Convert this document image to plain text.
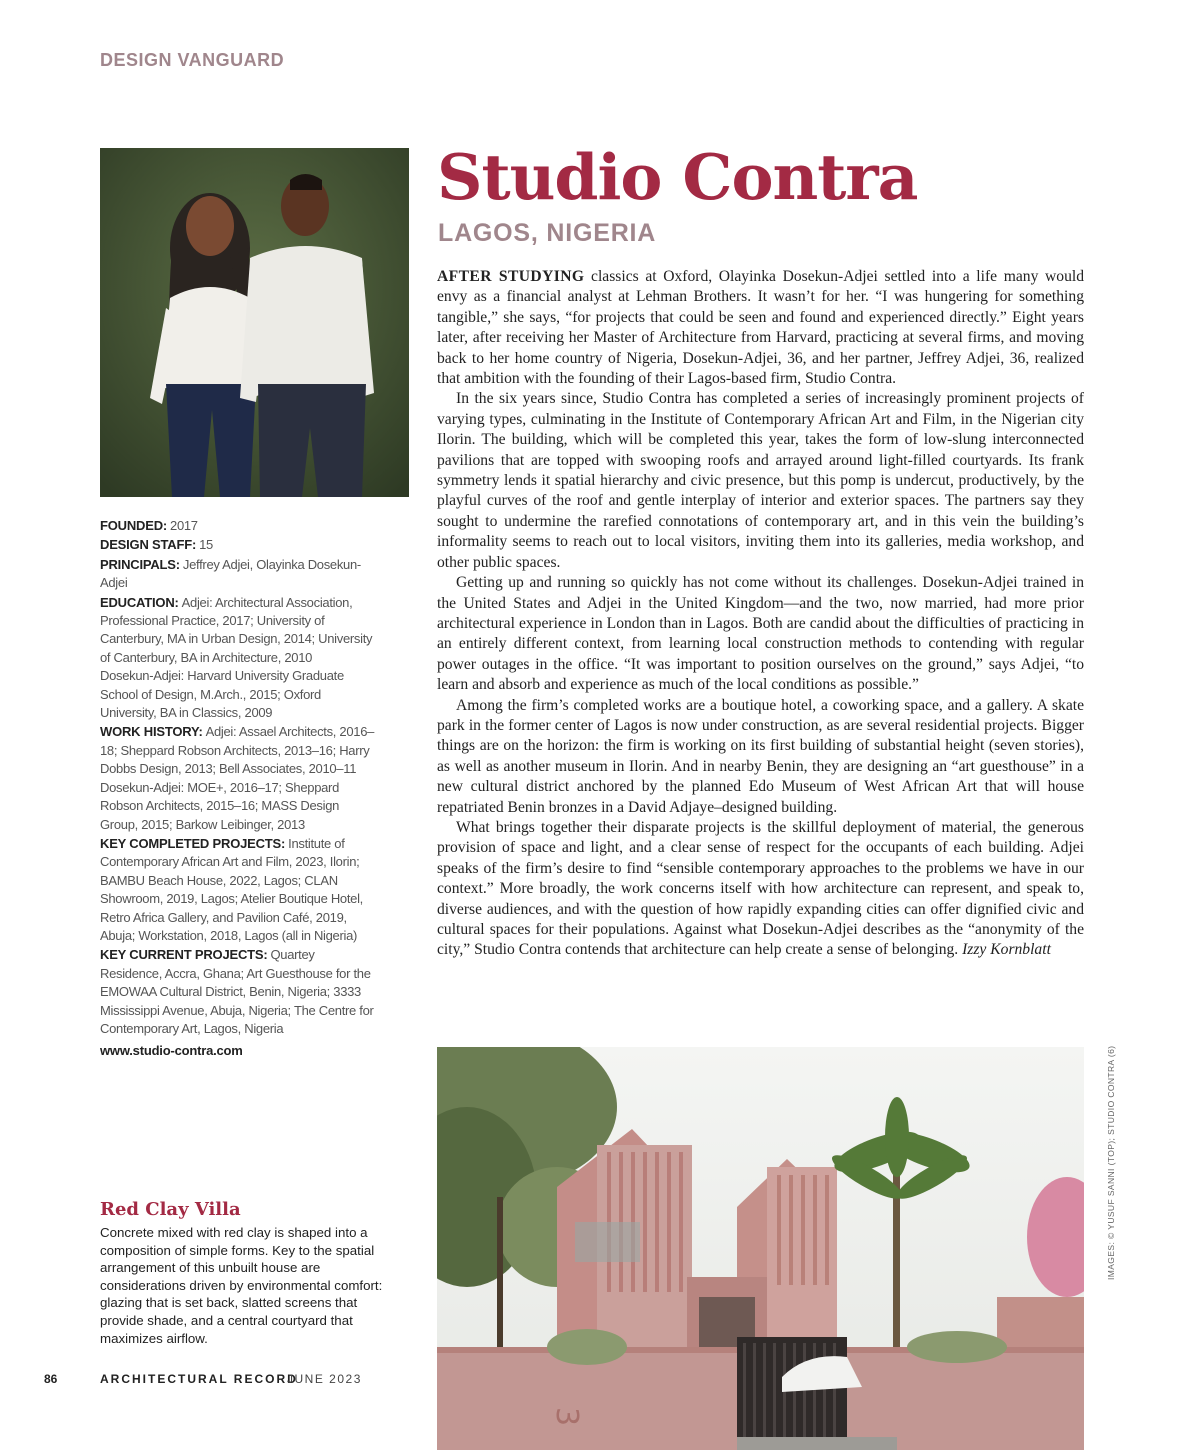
DESIGN VANGUARD
Studio Contra
LAGOS, NIGERIA

AFTER STUDYING classics at Oxford, Olayinka Dosekun-Adjei settled into a life many would envy as a financial analyst at Lehman Brothers. It wasn’t for her. “I was hungering for something tangible,” she says, “for projects that could be seen and found and experienced directly.” Eight years later, after receiving her Master of Architecture from Harvard, practicing at several firms, and moving back to her home country of Nigeria, Dosekun-Adjei, 36, and her partner, Jeffrey Adjei, 36, realized that ambition with the founding of their Lagos-based firm, Studio Contra.

In the six years since, Studio Contra has completed a series of increasingly prominent projects of varying types, culminating in the Institute of Contemporary African Art and Film, in the Nigerian city Ilorin. The building, which will be completed this year, takes the form of low-slung interconnected pavilions that are topped with swooping roofs and arrayed around light-filled courtyards. Its frank symmetry lends it spatial hierarchy and civic presence, but this pomp is undercut, productively, by the playful curves of the roof and gentle interplay of interior and exterior spaces. The partners say they sought to undermine the rarefied connotations of contemporary art, and in this vein the building’s informality seems to reach out to local visitors, inviting them into its galleries, media workshop, and other public spaces.

Getting up and running so quickly has not come without its challenges. Dosekun-Adjei trained in the United States and Adjei in the United Kingdom—and the two, now married, had more prior architectural experience in London than in Lagos. Both are candid about the difficulties of practicing in an entirely different context, from learning local construction methods to contending with regular power outages in the office. “It was important to position ourselves on the ground,” says Adjei, “to learn and absorb and experience as much of the local conditions as possible.”

Among the firm’s completed works are a boutique hotel, a coworking space, and a gallery. A skate park in the former center of Lagos is now under construction, as are several residential projects. Bigger things are on the horizon: the firm is working on its first building of substantial height (seven stories), as well as another museum in Ilorin. And in nearby Benin, they are designing an “art guesthouse” in a new cultural district anchored by the planned Edo Museum of West African Art that will house repatriated Benin bronzes in a David Adjaye–designed building.

What brings together their disparate projects is the skillful deployment of material, the generous provision of space and light, and a clear sense of respect for the occupants of each building. Adjei speaks of the firm’s desire to find “sensible contemporary approaches to the problems we have in our context.” More broadly, the work concerns itself with how architecture can represent, and speak to, diverse audiences, and with the question of how rapidly expanding cities can offer dignified civic and cultural spaces for their populations. Against what Dosekun-Adjei describes as the “anonymity of the city,” Studio Contra contends that architecture can help create a sense of belonging. Izzy Kornblatt

FOUNDED: 2017
DESIGN STAFF: 15
PRINCIPALS: Jeffrey Adjei, Olayinka Dosekun-Adjei
EDUCATION: Adjei: Architectural Association, Professional Practice, 2017; University of Canterbury, MA in Urban Design, 2014; University of Canterbury, BA in Architecture, 2010
Dosekun-Adjei: Harvard University Graduate School of Design, M.Arch., 2015; Oxford University, BA in Classics, 2009
WORK HISTORY: Adjei: Assael Architects, 2016–18; Sheppard Robson Architects, 2013–16; Harry Dobbs Design, 2013; Bell Associates, 2010–11
Dosekun-Adjei: MOE+, 2016–17; Sheppard Robson Architects, 2015–16; MASS Design Group, 2015; Barkow Leibinger, 2013
KEY COMPLETED PROJECTS: Institute of Contemporary African Art and Film, 2023, Ilorin; BAMBU Beach House, 2022, Lagos; CLAN Showroom, 2019, Lagos; Atelier Boutique Hotel, Retro Africa Gallery, and Pavilion Café, 2019, Abuja; Workstation, 2018, Lagos (all in Nigeria)
KEY CURRENT PROJECTS: Quartey Residence, Accra, Ghana; Art Guesthouse for the EMOWAA Cultural District, Benin, Nigeria; 3333 Mississippi Avenue, Abuja, Nigeria; The Centre for Contemporary Art, Lagos, Nigeria
www.studio-contra.com
Red Clay Villa

Concrete mixed with red clay is shaped into a composition of simple forms. Key to the spatial arrangement of this unbuilt house are considerations driven by environmental comfort: glazing that is set back, slatted screens that provide shade, and a central courtyard that maximizes airflow.

3
IMAGES: © YUSUF SANNI (TOP); STUDIO CONTRA (6)
86	ARCHITECTURAL RECORD
JUNE 2023
